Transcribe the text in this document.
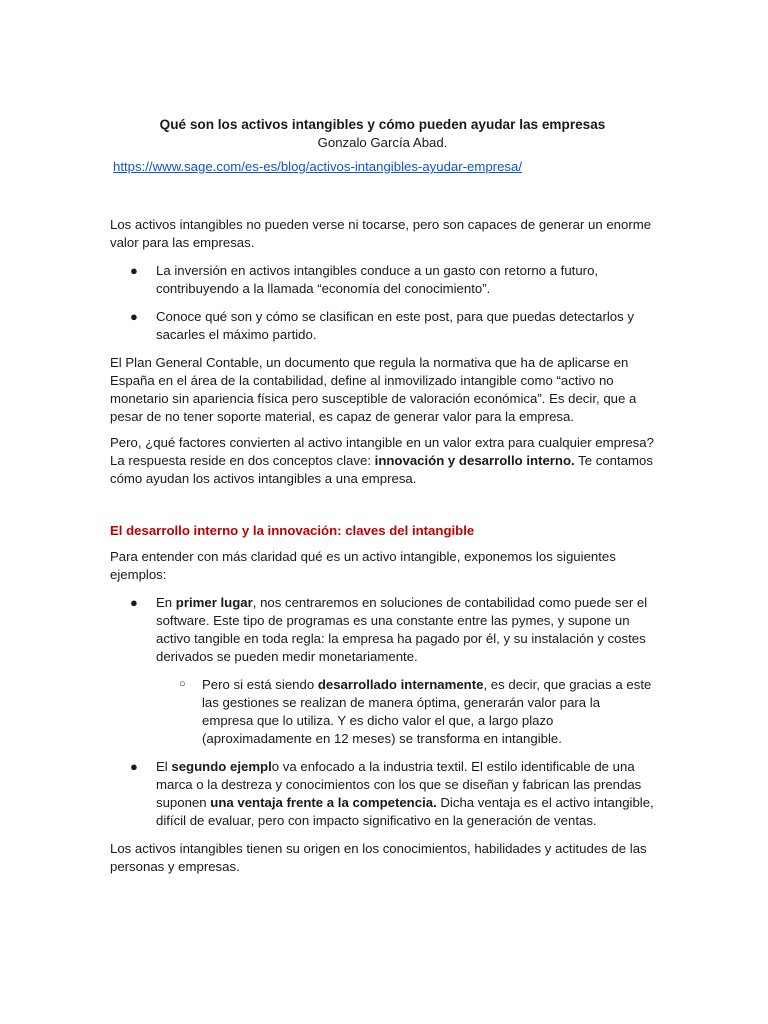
Qué son los activos intangibles y cómo pueden ayudar las empresas

Gonzalo García Abad.

https://www.sage.com/es-es/blog/activos-intangibles-ayudar-empresa/

Los activos intangibles no pueden verse ni tocarse, pero son capaces de generar un enorme valor para las empresas.

● La inversión en activos intangibles conduce a un gasto con retorno a futuro, contribuyendo a la llamada “economía del conocimiento”.
● Conoce qué son y cómo se clasifican en este post, para que puedas detectarlos y sacarles el máximo partido.

El Plan General Contable, un documento que regula la normativa que ha de aplicarse en España en el área de la contabilidad, define al inmovilizado intangible como “activo no monetario sin apariencia física pero susceptible de valoración económica”. Es decir, que a pesar de no tener soporte material, es capaz de generar valor para la empresa.

Pero, ¿qué factores convierten al activo intangible en un valor extra para cualquier empresa? La respuesta reside en dos conceptos clave: innovación y desarrollo interno. Te contamos cómo ayudan los activos intangibles a una empresa.

El desarrollo interno y la innovación: claves del intangible

Para entender con más claridad qué es un activo intangible, exponemos los siguientes ejemplos:

● En primer lugar, nos centraremos en soluciones de contabilidad como puede ser el software. Este tipo de programas es una constante entre las pymes, y supone un activo tangible en toda regla: la empresa ha pagado por él, y su instalación y costes derivados se pueden medir monetariamente.
○ Pero si está siendo desarrollado internamente, es decir, que gracias a este las gestiones se realizan de manera óptima, generarán valor para la empresa que lo utiliza. Y es dicho valor el que, a largo plazo (aproximadamente en 12 meses) se transforma en intangible.
● El segundo ejemplo va enfocado a la industria textil. El estilo identificable de una marca o la destreza y conocimientos con los que se diseñan y fabrican las prendas suponen una ventaja frente a la competencia. Dicha ventaja es el activo intangible, difícil de evaluar, pero con impacto significativo en la generación de ventas.

Los activos intangibles tienen su origen en los conocimientos, habilidades y actitudes de las personas y empresas.
